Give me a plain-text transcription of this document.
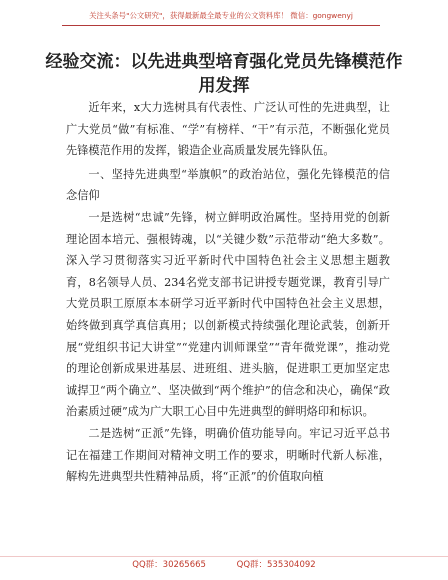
关注头条号"公文研究"，获得最新最全最专业的公文资料库！ 微信：gongwenyj
经验交流：以先进典型培育强化党员先锋模范作用发挥

近年来，x大力选树具有代表性、广泛认可性的先进典型，让广大党员“做”有标准、“学”有榜样、“干”有示范，不断强化党员先锋模范作用的发挥，锻造企业高质量发展先锋队伍。

一、坚持先进典型“举旗帜”的政治站位，强化先锋模范的信念信仰

一是选树“忠诚”先锋，树立鲜明政治属性。坚持用党的创新理论固本培元、强根铸魂，以“关键少数”示范带动“绝大多数”。深入学习贯彻落实习近平新时代中国特色社会主义思想主题教育，8名领导人员、234名党支部书记讲授专题党课，教育引导广大党员职工原原本本研学习近平新时代中国特色社会主义思想，始终做到真学真信真用；以创新模式持续强化理论武装，创新开展“党组织书记大讲堂”“党建内训师课堂”“青年微党课”，推动党的理论创新成果进基层、进班组、进头脑，促进职工更加坚定忠诚捍卫“两个确立”、坚决做到“两个维护”的信念和决心，确保“政治素质过硬”成为广大职工心目中先进典型的鲜明烙印和标识。

二是选树“正派”先锋，明确价值功能导向。牢记习近平总书记在福建工作期间对精神文明工作的要求，明晰时代新人标准，解构先进典型共性精神品质，将“正派”的价值取向植

QQ群：30265665	QQ群：535304092
